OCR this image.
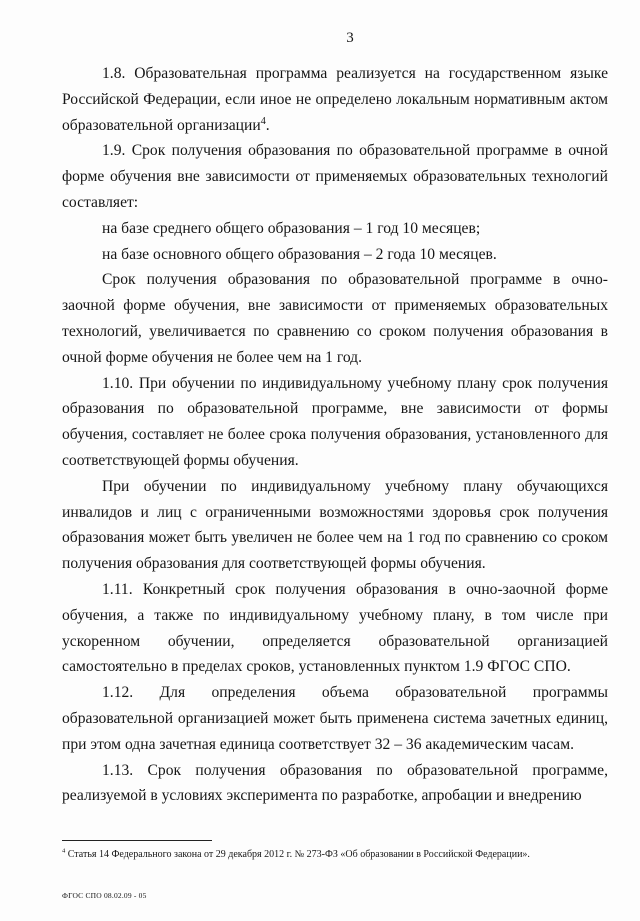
3

1.8. Образовательная программа реализуется на государственном языке Российской Федерации, если иное не определено локальным нормативным актом образовательной организации$^4$.

1.9. Срок получения образования по образовательной программе в очной форме обучения вне зависимости от применяемых образовательных технологий составляет:

на базе среднего общего образования – 1 год 10 месяцев;

на базе основного общего образования – 2 года 10 месяцев.

Срок получения образования по образовательной программе в очно-заочной форме обучения, вне зависимости от применяемых образовательных технологий, увеличивается по сравнению со сроком получения образования в очной форме обучения не более чем на 1 год.

1.10. При обучении по индивидуальному учебному плану срок получения образования по образовательной программе, вне зависимости от формы обучения, составляет не более срока получения образования, установленного для соответствующей формы обучения.

При обучении по индивидуальному учебному плану обучающихся инвалидов и лиц с ограниченными возможностями здоровья срок получения образования может быть увеличен не более чем на 1 год по сравнению со сроком получения образования для соответствующей формы обучения.

1.11. Конкретный срок получения образования в очно-заочной форме обучения, а также по индивидуальному учебному плану, в том числе при ускоренном обучении, определяется образовательной организацией самостоятельно в пределах сроков, установленных пунктом 1.9 ФГОС СПО.

1.12. Для определения объема образовательной программы образовательной организацией может быть применена система зачетных единиц, при этом одна зачетная единица соответствует 32 – 36 академическим часам.

1.13. Срок получения образования по образовательной программе, реализуемой в условиях эксперимента по разработке, апробации и внедрению

$^4$ Статья 14 Федерального закона от 29 декабря 2012 г. № 273-ФЗ «Об образовании в Российской Федерации».
ФГОС СПО 08.02.09 - 05
